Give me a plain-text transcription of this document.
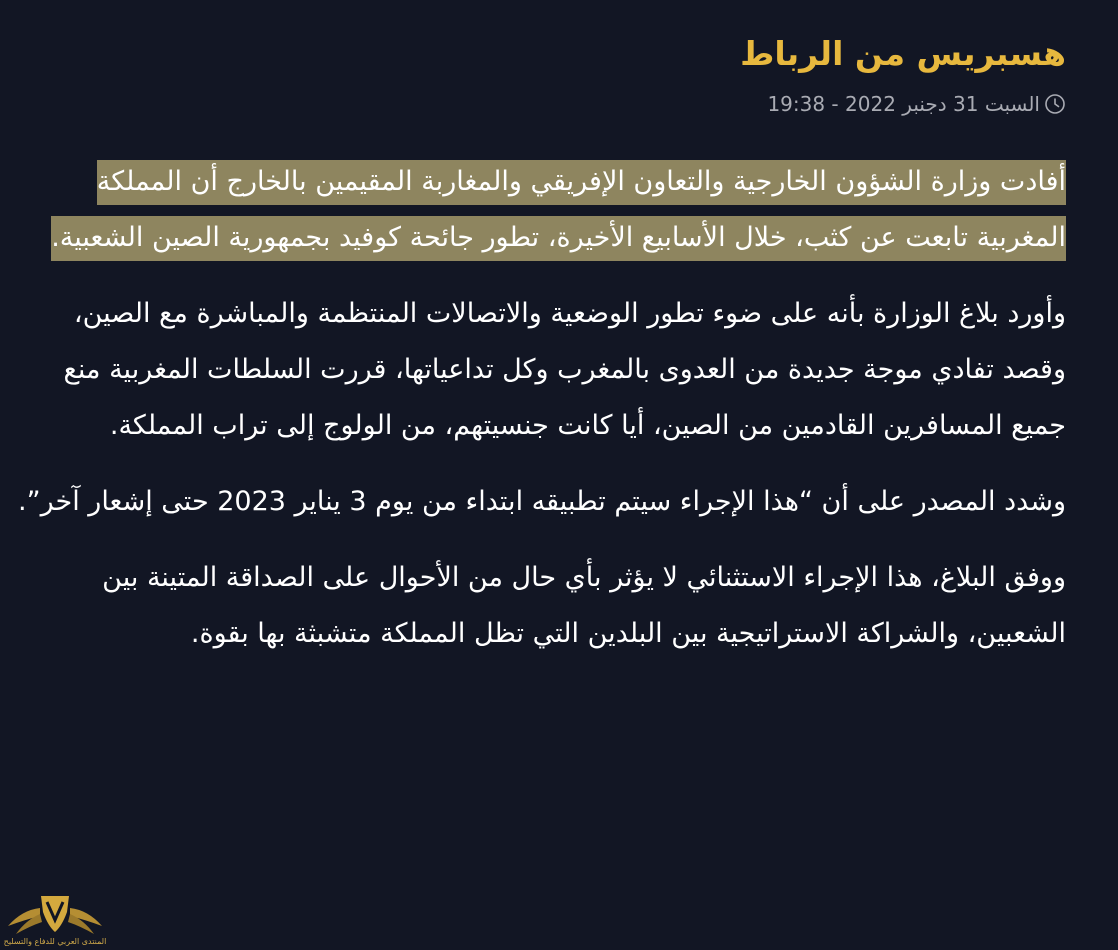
هسبريس من الرباط
السبت 31 دجنبر 2022 - 19:38

أفادت وزارة الشؤون الخارجية والتعاون الإفريقي والمغاربة المقيمين بالخارج أن المملكة المغربية تابعت عن كثب، خلال الأسابيع الأخيرة، تطور جائحة كوفيد بجمهورية الصين الشعبية.

وأورد بلاغ الوزارة بأنه على ضوء تطور الوضعية والاتصالات المنتظمة والمباشرة مع الصين، وقصد تفادي موجة جديدة من العدوى بالمغرب وكل تداعياتها، قررت السلطات المغربية منع جميع المسافرين القادمين من الصين، أيا كانت جنسيتهم، من الولوج إلى تراب المملكة.

وشدد المصدر على أن “هذا الإجراء سيتم تطبيقه ابتداء من يوم 3 يناير 2023 حتى إشعار آخر”.

ووفق البلاغ، هذا الإجراء الاستثنائي لا يؤثر بأي حال من الأحوال على الصداقة المتينة بين الشعبين، والشراكة الاستراتيجية بين البلدين التي تظل المملكة متشبثة بها بقوة.

المنتدى العربي للدفاع والتسليح
